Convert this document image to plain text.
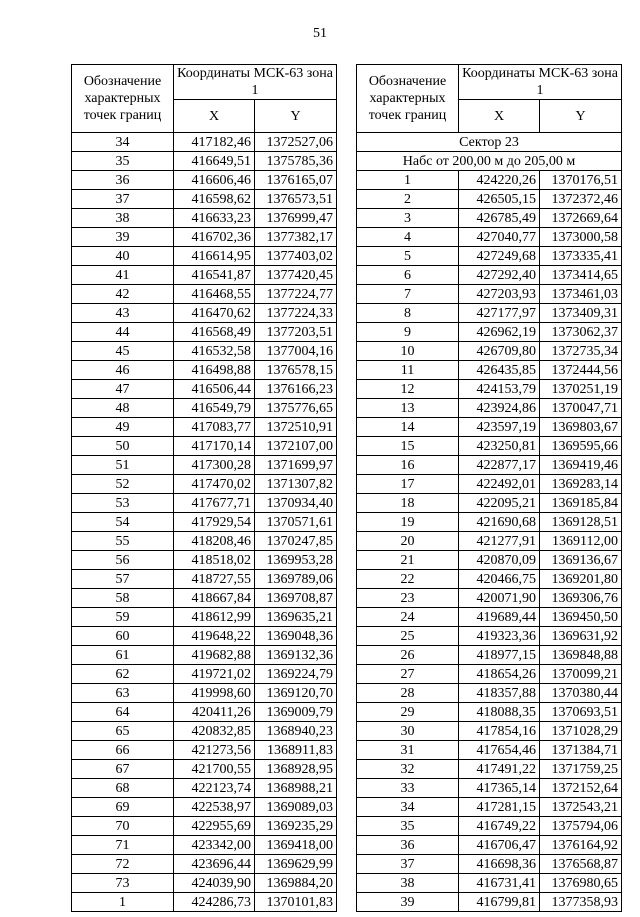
51
Обозначение характерных точек границ	Координаты МСК-63 зона 1	
	X	Y
34	417182,46	1372527,06
35	416649,51	1375785,36
36	416606,46	1376165,07
37	416598,62	1376573,51
38	416633,23	1376999,47
39	416702,36	1377382,17
40	416614,95	1377403,02
41	416541,87	1377420,45
42	416468,55	1377224,77
43	416470,62	1377224,33
44	416568,49	1377203,51
45	416532,58	1377004,16
46	416498,88	1376578,15
47	416506,44	1376166,23
48	416549,79	1375776,65
49	417083,77	1372510,91
50	417170,14	1372107,00
51	417300,28	1371699,97
52	417470,02	1371307,82
53	417677,71	1370934,40
54	417929,54	1370571,61
55	418208,46	1370247,85
56	418518,02	1369953,28
57	418727,55	1369789,06
58	418667,84	1369708,87
59	418612,99	1369635,21
60	419648,22	1369048,36
61	419682,88	1369132,36
62	419721,02	1369224,79
63	419998,60	1369120,70
64	420411,26	1369009,79
65	420832,85	1368940,23
66	421273,56	1368911,83
67	421700,55	1368928,95
68	422123,74	1368988,21
69	422538,97	1369089,03
70	422955,69	1369235,29
71	423342,00	1369418,00
72	423696,44	1369629,99
73	424039,90	1369884,20
1	424286,73	1370101,83
Обозначение характерных точек границ	Координаты МСК-63 зона 1	
	X	Y
Сектор 23		
Набс от 200,00 м до 205,00 м		
1	424220,26	1370176,51
2	426505,15	1372372,46
3	426785,49	1372669,64
4	427040,77	1373000,58
5	427249,68	1373335,41
6	427292,40	1373414,65
7	427203,93	1373461,03
8	427177,97	1373409,31
9	426962,19	1373062,37
10	426709,80	1372735,34
11	426435,85	1372444,56
12	424153,79	1370251,19
13	423924,86	1370047,71
14	423597,19	1369803,67
15	423250,81	1369595,66
16	422877,17	1369419,46
17	422492,01	1369283,14
18	422095,21	1369185,84
19	421690,68	1369128,51
20	421277,91	1369112,00
21	420870,09	1369136,67
22	420466,75	1369201,80
23	420071,90	1369306,76
24	419689,44	1369450,50
25	419323,36	1369631,92
26	418977,15	1369848,88
27	418654,26	1370099,21
28	418357,88	1370380,44
29	418088,35	1370693,51
30	417854,16	1371028,29
31	417654,46	1371384,71
32	417491,22	1371759,25
33	417365,14	1372152,64
34	417281,15	1372543,21
35	416749,22	1375794,06
36	416706,47	1376164,92
37	416698,36	1376568,87
38	416731,41	1376980,65
39	416799,81	1377358,93
